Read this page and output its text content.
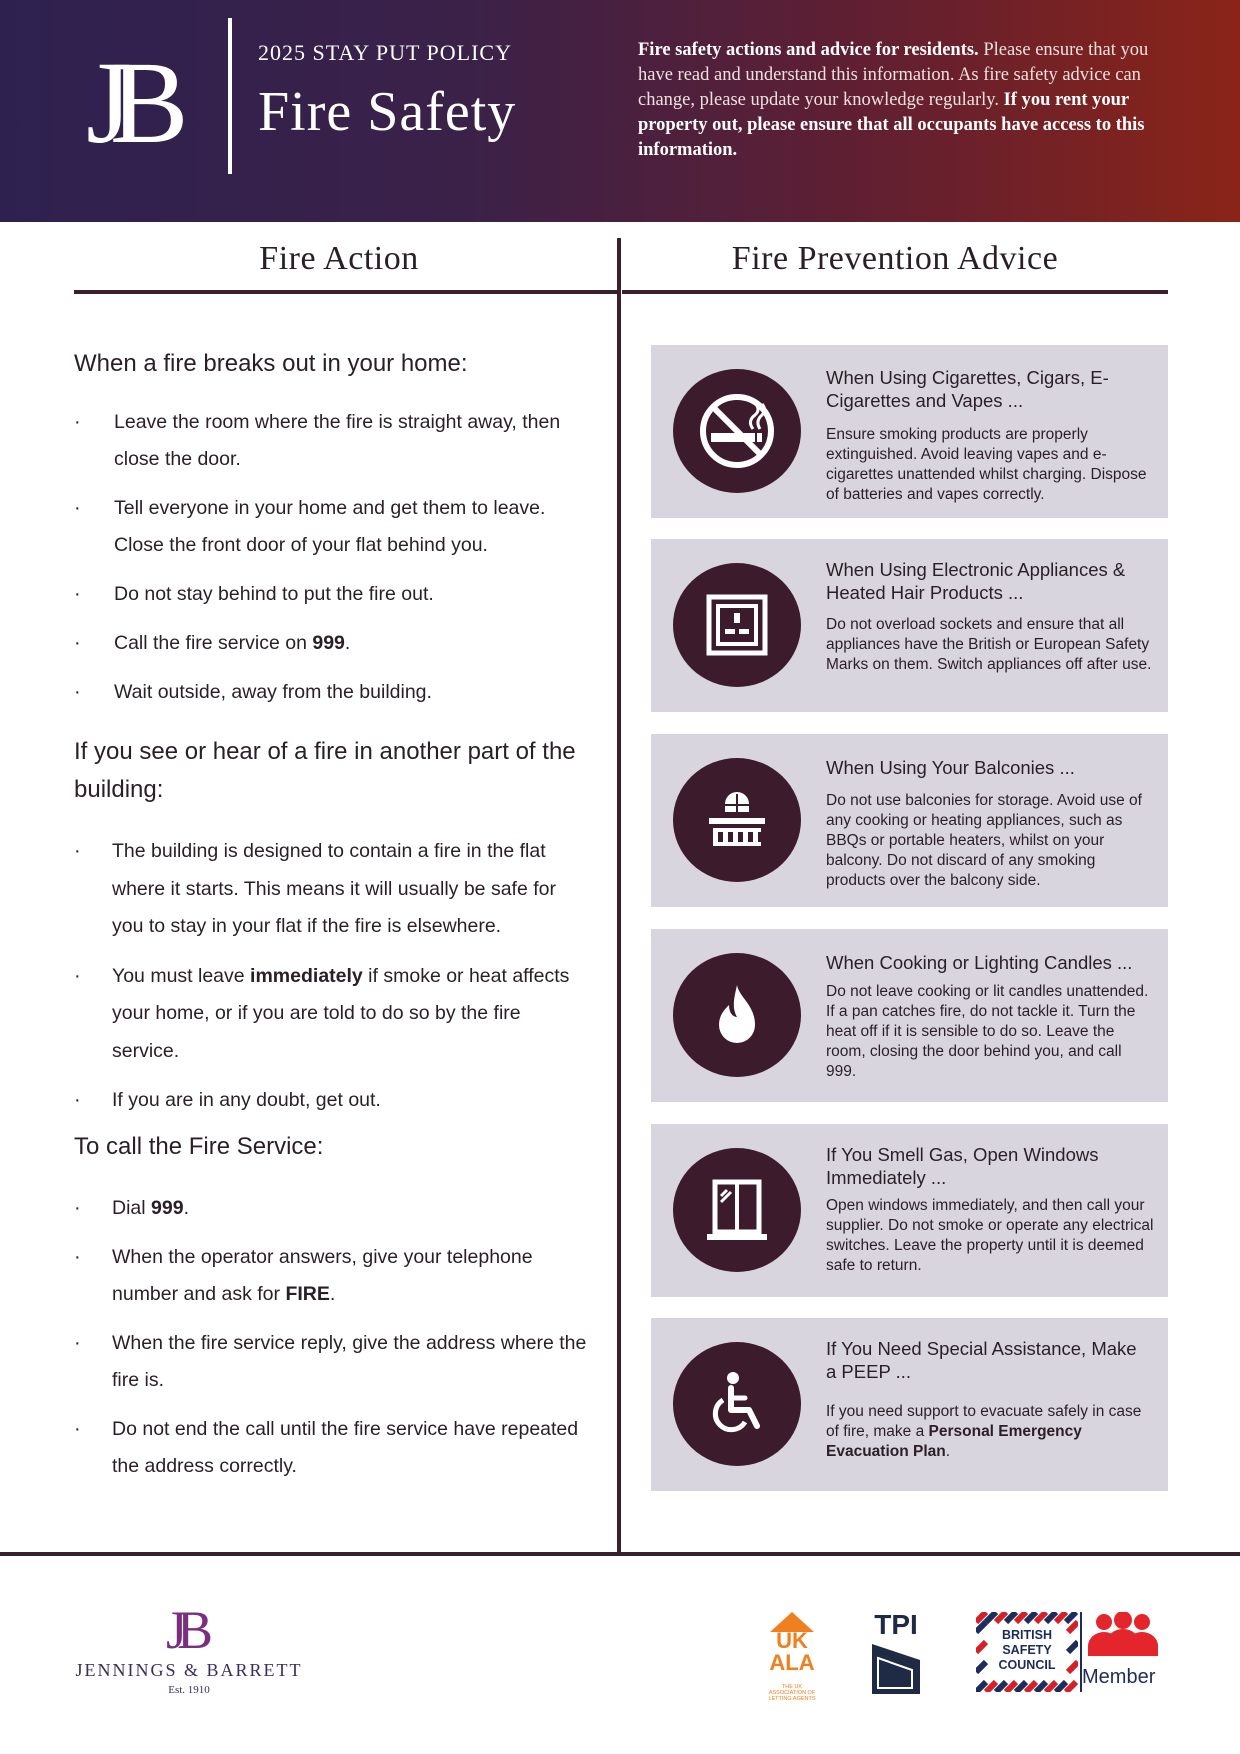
JB	2025 STAY PUT POLICY
Fire Safety
Fire safety actions and advice for residents. Please ensure that you have read and understand this information. As fire safety advice can change, please update your knowledge regularly. If you rent your property out, please ensure that all occupants have access to this information.
Fire Action	Fire Prevention Advice
When a fire breaks out in your home:
· Leave the room where the fire is straight away, then close the door.
· Tell everyone in your home and get them to leave. Close the front door of your flat behind you.
· Do not stay behind to put the fire out.
· Call the fire service on 999.
· Wait outside, away from the building.
If you see or hear of a fire in another part of the building:
· The building is designed to contain a fire in the flat where it starts. This means it will usually be safe for you to stay in your flat if the fire is elsewhere.
· You must leave immediately if smoke or heat affects your home, or if you are told to do so by the fire service.
· If you are in any doubt, get out.
To call the Fire Service:
· Dial 999.
· When the operator answers, give your telephone number and ask for FIRE.
· When the fire service reply, give the address where the fire is.
· Do not end the call until the fire service have repeated the address correctly.
When Using Cigarettes, Cigars, E-Cigarettes and Vapes ...
Ensure smoking products are properly extinguished. Avoid leaving vapes and e-cigarettes unattended whilst charging. Dispose of batteries and vapes correctly.
When Using Electronic Appliances & Heated Hair Products ...
Do not overload sockets and ensure that all appliances have the British or European Safety Marks on them. Switch appliances off after use.
When Using Your Balconies ...
Do not use balconies for storage. Avoid use of any cooking or heating appliances, such as BBQs or portable heaters, whilst on your balcony. Do not discard of any smoking products over the balcony side.
When Cooking or Lighting Candles ...
Do not leave cooking or lit candles unattended. If a pan catches fire, do not tackle it. Turn the heat off if it is sensible to do so. Leave the room, closing the door behind you, and call 999.
If You Smell Gas, Open Windows Immediately ...
Open windows immediately, and then call your supplier. Do not smoke or operate any electrical switches. Leave the property until it is deemed safe to return.
If You Need Special Assistance, Make a PEEP ...
If you need support to evacuate safely in case of fire, make a Personal Emergency Evacuation Plan.
JB
JENNINGS & BARRETT
Est. 1910
UK
ALA
THE UK ASSOCIATION OF LETTING AGENTS
TPI	BRITISH SAFETY COUNCIL
Member
